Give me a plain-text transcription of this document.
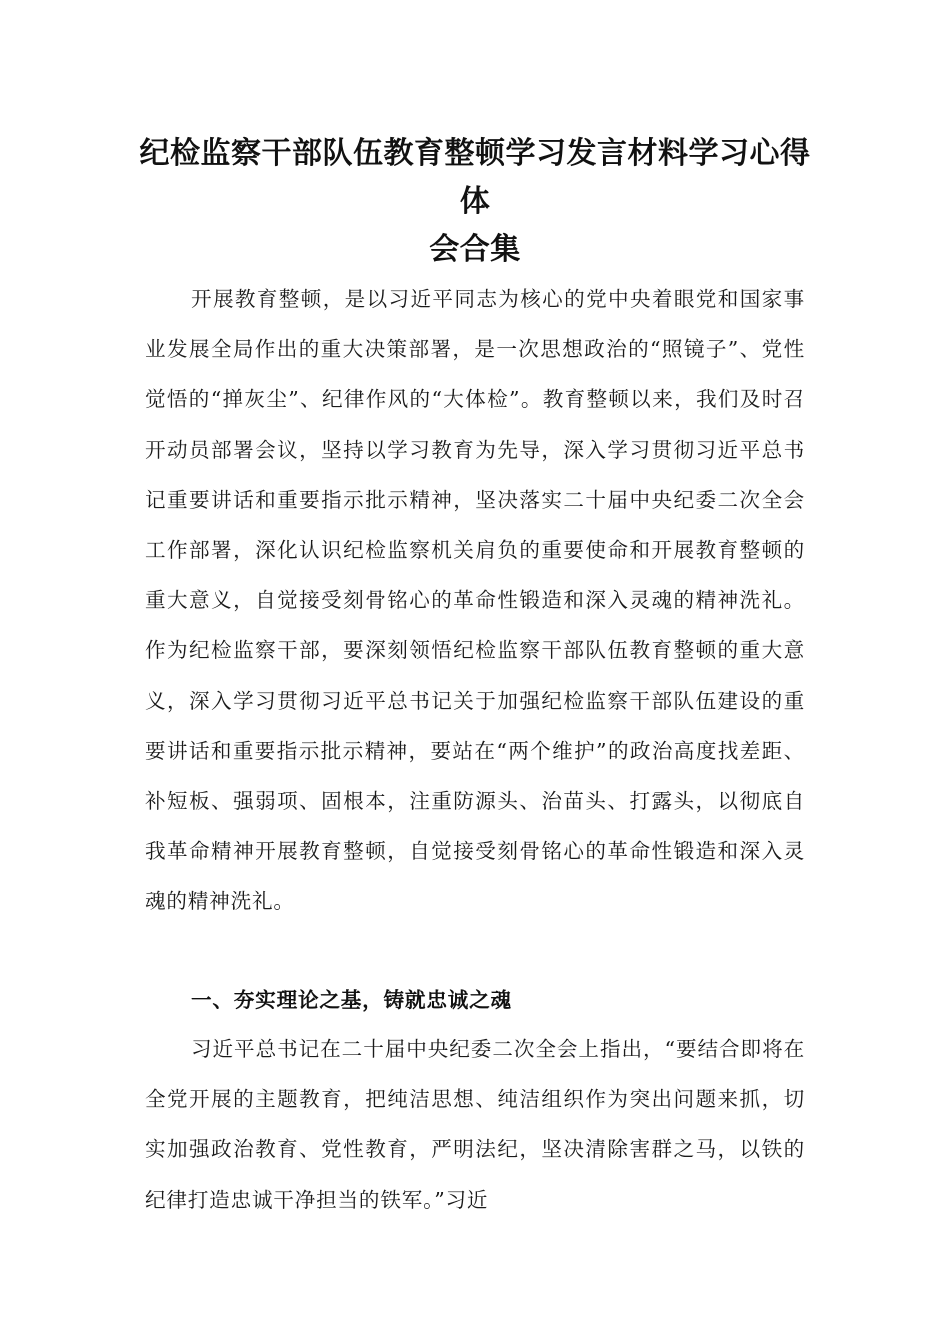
纪检监察干部队伍教育整顿学习发言材料学习心得体
会合集

开展教育整顿，是以习近平同志为核心的党中央着眼党和国家事业发展全局作出的重大决策部署，是一次思想政治的“照镜子”、党性觉悟的“掸灰尘”、纪律作风的“大体检”。教育整顿以来，我们及时召开动员部署会议，坚持以学习教育为先导，深入学习贯彻习近平总书记重要讲话和重要指示批示精神，坚决落实二十届中央纪委二次全会工作部署，深化认识纪检监察机关肩负的重要使命和开展教育整顿的重大意义，自觉接受刻骨铭心的革命性锻造和深入灵魂的精神洗礼。作为纪检监察干部，要深刻领悟纪检监察干部队伍教育整顿的重大意义，深入学习贯彻习近平总书记关于加强纪检监察干部队伍建设的重要讲话和重要指示批示精神，要站在“两个维护”的政治高度找差距、补短板、强弱项、固根本，注重防源头、治苗头、打露头，以彻底自我革命精神开展教育整顿，自觉接受刻骨铭心的革命性锻造和深入灵魂的精神洗礼。

一、夯实理论之基，铸就忠诚之魂

习近平总书记在二十届中央纪委二次全会上指出，“要结合即将在全党开展的主题教育，把纯洁思想、纯洁组织作为突出问题来抓，切实加强政治教育、党性教育，严明法纪，坚决清除害群之马，以铁的纪律打造忠诚干净担当的铁军。”习近
